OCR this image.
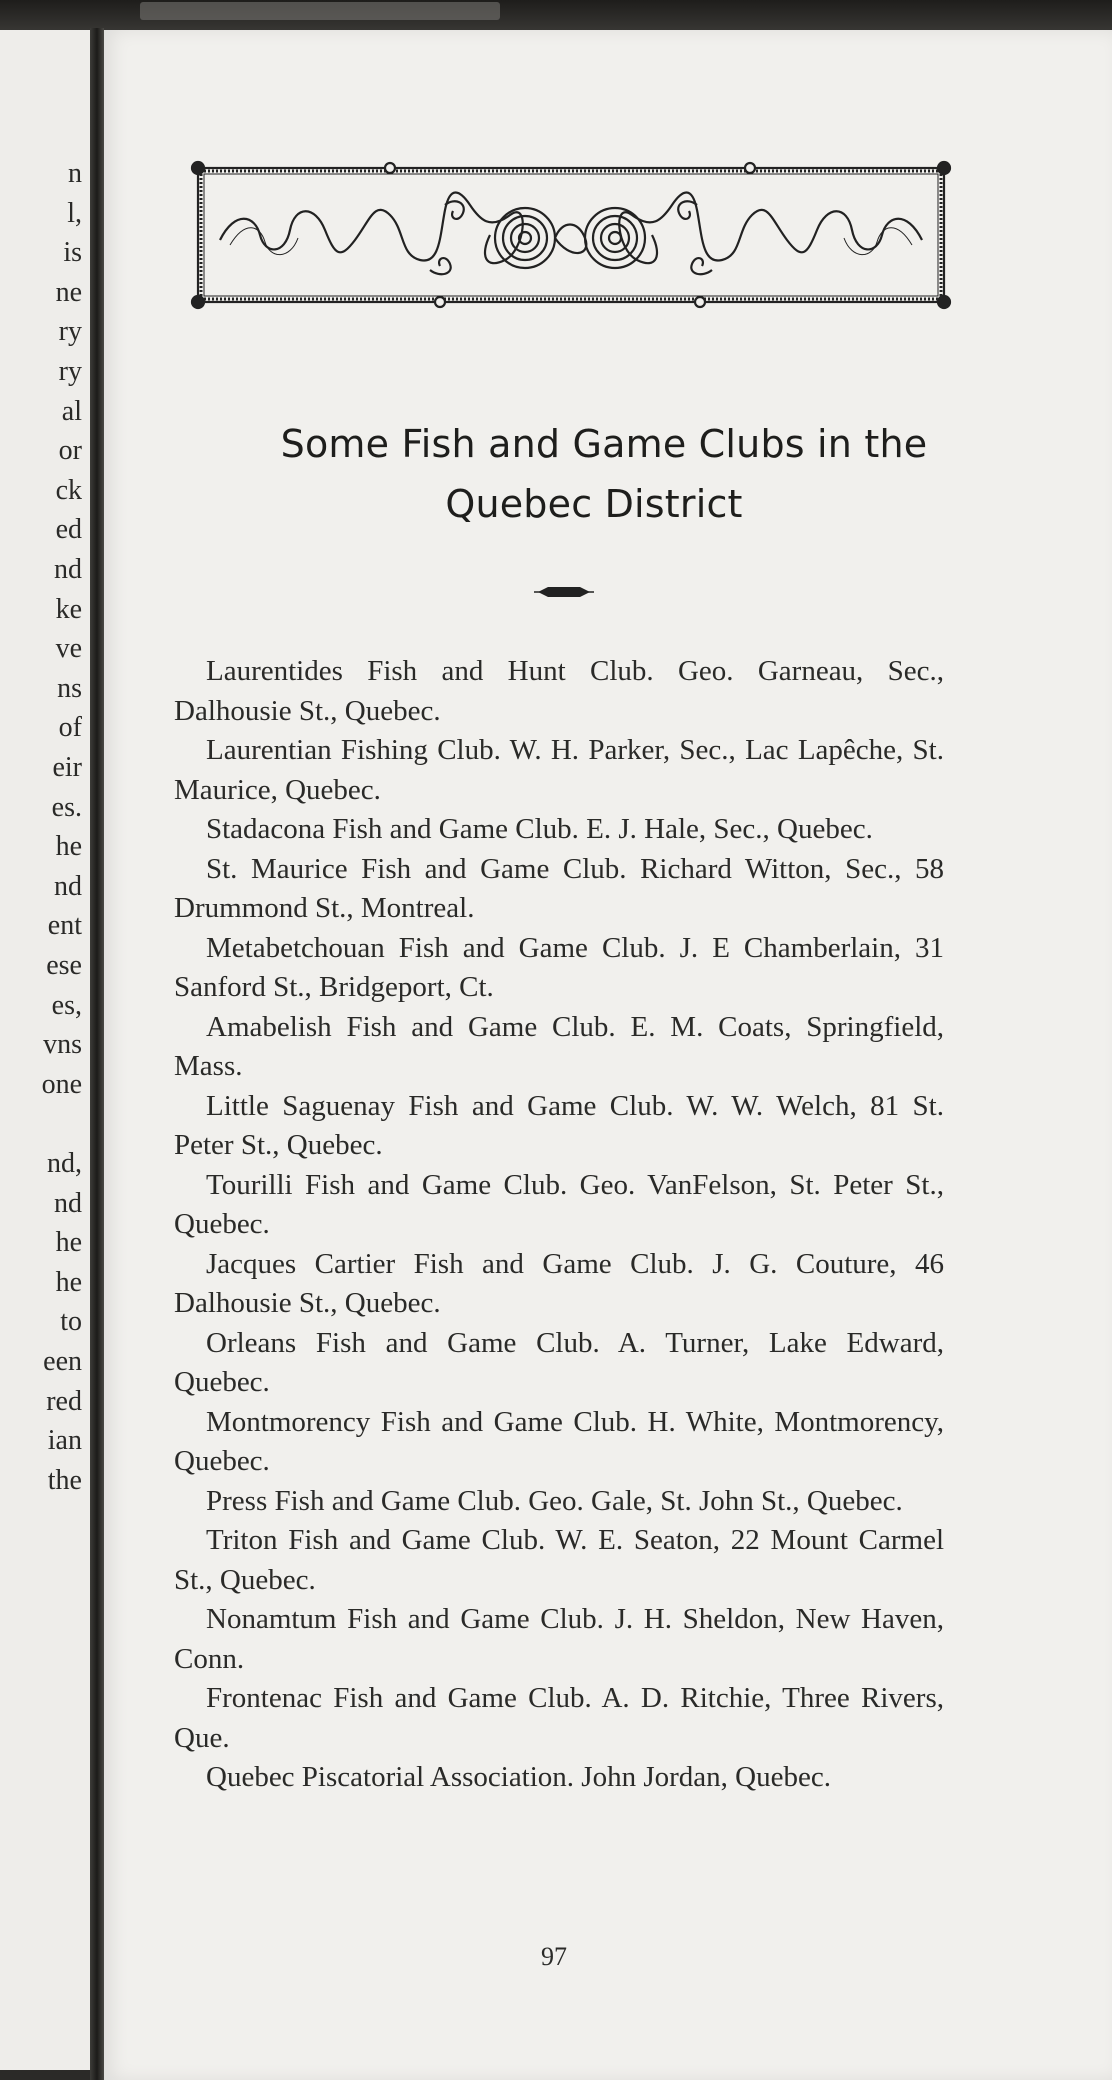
n
l,
is
ne
ry
ry
al
or
ck
ed
nd
ke
ve
ns
of
eir
es.
he
nd
ent
ese
es,
vns
one
nd,
nd
he
he
to
een
red
ian
the
Some Fish and Game Clubs in the
Quebec District

Laurentides Fish and Hunt Club. Geo. Garneau, Sec., Dalhousie St., Quebec.

Laurentian Fishing Club. W. H. Parker, Sec., Lac Lapêche, St. Maurice, Quebec.

Stadacona Fish and Game Club. E. J. Hale, Sec., Quebec.

St. Maurice Fish and Game Club. Richard Witton, Sec., 58 Drummond St., Montreal.

Metabetchouan Fish and Game Club. J. E Chamberlain, 31 Sanford St., Bridgeport, Ct.

Amabelish Fish and Game Club. E. M. Coats, Springfield, Mass.

Little Saguenay Fish and Game Club. W. W. Welch, 81 St. Peter St., Quebec.

Tourilli Fish and Game Club. Geo. VanFelson, St. Peter St., Quebec.

Jacques Cartier Fish and Game Club. J. G. Couture, 46 Dalhousie St., Quebec.

Orleans Fish and Game Club. A. Turner, Lake Edward, Quebec.

Montmorency Fish and Game Club. H. White, Montmorency, Quebec.

Press Fish and Game Club. Geo. Gale, St. John St., Quebec.

Triton Fish and Game Club. W. E. Seaton, 22 Mount Carmel St., Quebec.

Nonamtum Fish and Game Club. J. H. Sheldon, New Haven, Conn.

Frontenac Fish and Game Club. A. D. Ritchie, Three Rivers, Que.

Quebec Piscatorial Association. John Jordan, Quebec.

97
